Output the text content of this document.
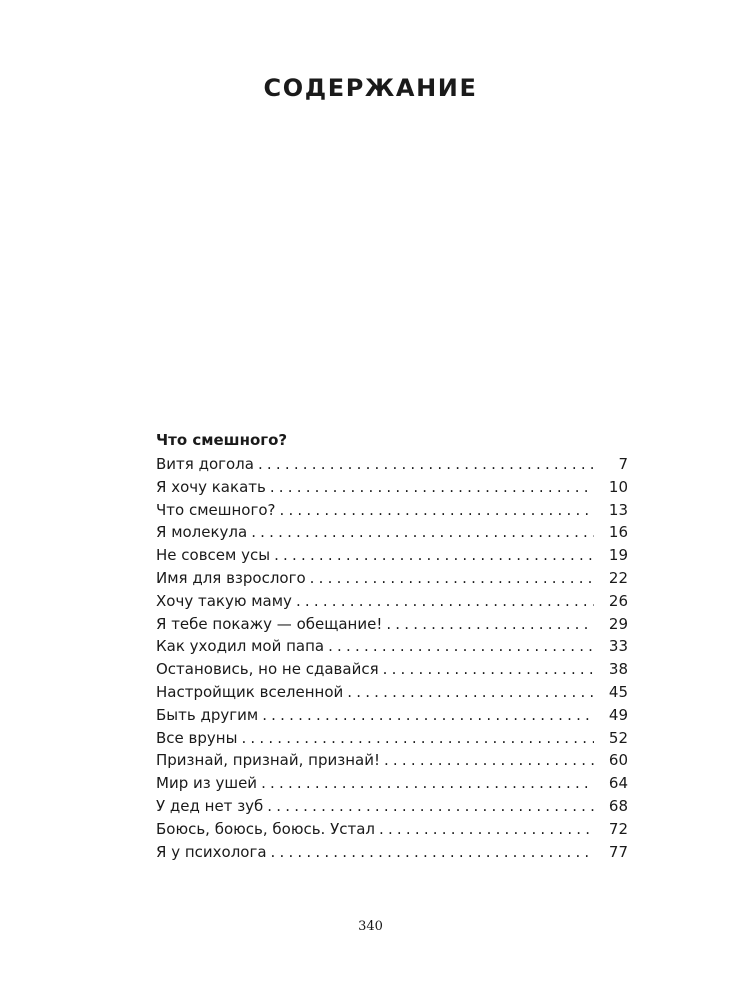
СОДЕРЖАНИЕ
Что смешного?
Витя догола .....	7
Я хочу какать .....	10
Что смешного? .....	13
Я молекула .....	16
Не совсем усы .....	19
Имя для взрослого .....	22
Хочу такую маму .....	26
Я тебе покажу — обещание! .....	29
Как уходил мой папа .....	33
Остановись, но не сдавайся .....	38
Настройщик вселенной .....	45
Быть другим .....	49
Все вруны .....	52
Признай, признай, признай! .....	60
Мир из ушей .....	64
У дед нет зуб .....	68
Боюсь, боюсь, боюсь. Устал .....	72
Я у психолога .....	77
340
